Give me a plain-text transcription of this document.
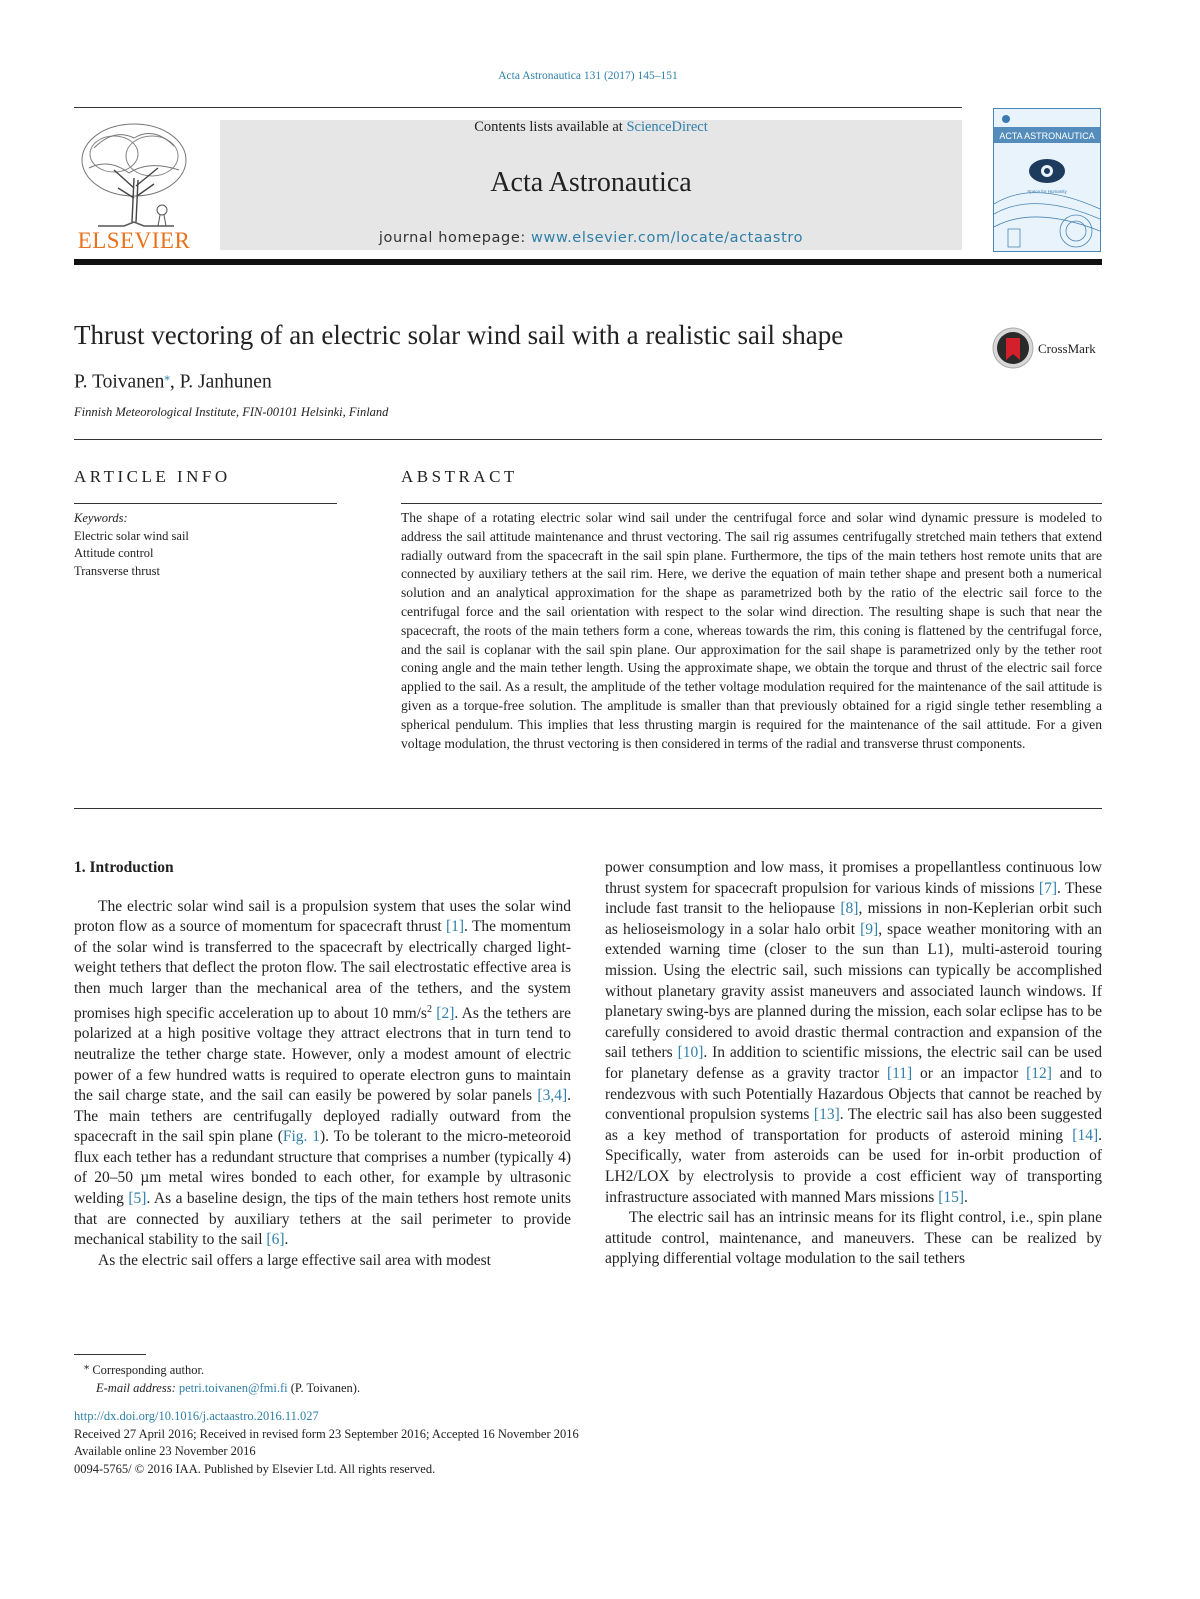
Acta Astronautica 131 (2017) 145–151
ELSEVIER
Contents lists available at ScienceDirect
Acta Astronautica
journal homepage: www.elsevier.com/locate/actaastro
ACTA ASTRONAUTICA
Space for Humanity
Thrust vectoring of an electric solar wind sail with a realistic sail shape	CrossMark
P. Toivanen⁎, P. Janhunen
Finnish Meteorological Institute, FIN-00101 Helsinki, Finland
ARTICLE INFO	ABSTRACT
Keywords:
Electric solar wind sail
Attitude control
Transverse thrust
The shape of a rotating electric solar wind sail under the centrifugal force and solar wind dynamic pressure is modeled to address the sail attitude maintenance and thrust vectoring. The sail rig assumes centrifugally stretched main tethers that extend radially outward from the spacecraft in the sail spin plane. Furthermore, the tips of the main tethers host remote units that are connected by auxiliary tethers at the sail rim. Here, we derive the equation of main tether shape and present both a numerical solution and an analytical approximation for the shape as parametrized both by the ratio of the electric sail force to the centrifugal force and the sail orientation with respect to the solar wind direction. The resulting shape is such that near the spacecraft, the roots of the main tethers form a cone, whereas towards the rim, this coning is flattened by the centrifugal force, and the sail is coplanar with the sail spin plane. Our approximation for the sail shape is parametrized only by the tether root coning angle and the main tether length. Using the approximate shape, we obtain the torque and thrust of the electric sail force applied to the sail. As a result, the amplitude of the tether voltage modulation required for the maintenance of the sail attitude is given as a torque-free solution. The amplitude is smaller than that previously obtained for a rigid single tether resembling a spherical pendulum. This implies that less thrusting margin is required for the maintenance of the sail attitude. For a given voltage modulation, the thrust vectoring is then considered in terms of the radial and transverse thrust components.
1. Introduction

The electric solar wind sail is a propulsion system that uses the solar wind proton flow as a source of momentum for spacecraft thrust [1]. The momentum of the solar wind is transferred to the spacecraft by electrically charged light-weight tethers that deflect the proton flow. The sail electrostatic effective area is then much larger than the mechanical area of the tethers, and the system promises high specific acceleration up to about 10 $mm/s^2$ [2]. As the tethers are polarized at a high positive voltage they attract electrons that in turn tend to neutralize the tether charge state. However, only a modest amount of electric power of a few hundred watts is required to operate electron guns to maintain the sail charge state, and the sail can easily be powered by solar panels [3,4]. The main tethers are centrifugally deployed radially outward from the spacecraft in the sail spin plane (Fig. 1). To be tolerant to the micro-meteoroid flux each tether has a redundant structure that comprises a number (typically 4) of 20–50 µm metal wires bonded to each other, for example by ultrasonic welding [5]. As a baseline design, the tips of the main tethers host remote units that are connected by auxiliary tethers at the sail perimeter to provide mechanical stability to the sail [6].

As the electric sail offers a large effective sail area with modest

power consumption and low mass, it promises a propellantless continuous low thrust system for spacecraft propulsion for various kinds of missions [7]. These include fast transit to the heliopause [8], missions in non-Keplerian orbit such as helioseismology in a solar halo orbit [9], space weather monitoring with an extended warning time (closer to the sun than L1), multi-asteroid touring mission. Using the electric sail, such missions can typically be accomplished without planetary gravity assist maneuvers and associated launch windows. If planetary swing-bys are planned during the mission, each solar eclipse has to be carefully considered to avoid drastic thermal contraction and expansion of the sail tethers [10]. In addition to scientific missions, the electric sail can be used for planetary defense as a gravity tractor [11] or an impactor [12] and to rendezvous with such Potentially Hazardous Objects that cannot be reached by conventional propulsion systems [13]. The electric sail has also been suggested as a key method of transportation for products of asteroid mining [14]. Specifically, water from asteroids can be used for in-orbit production of LH2/LOX by electrolysis to provide a cost efficient way of transporting infrastructure associated with manned Mars missions [15].

The electric sail has an intrinsic means for its flight control, i.e., spin plane attitude control, maintenance, and maneuvers. These can be realized by applying differential voltage modulation to the sail tethers

⁎ Corresponding author.
E-mail address: petri.toivanen@fmi.fi (P. Toivanen).
http://dx.doi.org/10.1016/j.actaastro.2016.11.027
Received 27 April 2016; Received in revised form 23 September 2016; Accepted 16 November 2016
Available online 23 November 2016
0094-5765/ © 2016 IAA. Published by Elsevier Ltd. All rights reserved.
